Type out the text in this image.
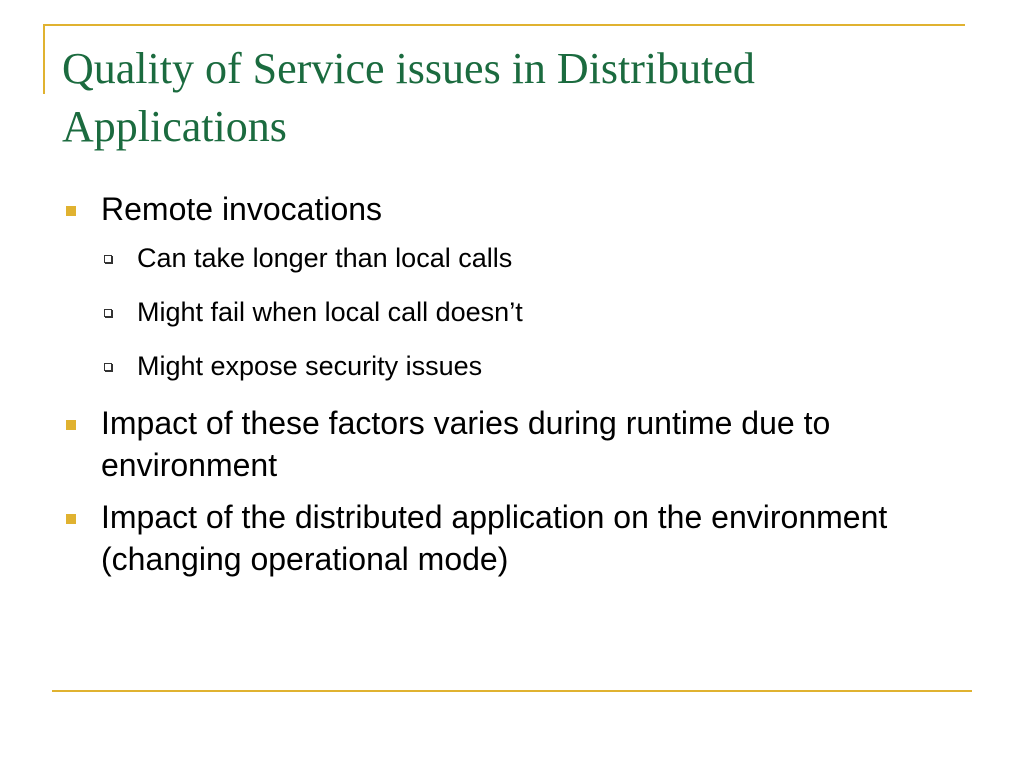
Quality of Service issues in Distributed Applications
Remote invocations
Can take longer than local calls
Might fail when local call doesn’t
Might expose security issues
Impact of these factors varies during runtime due to environment
Impact of the distributed application on the environment (changing operational mode)
